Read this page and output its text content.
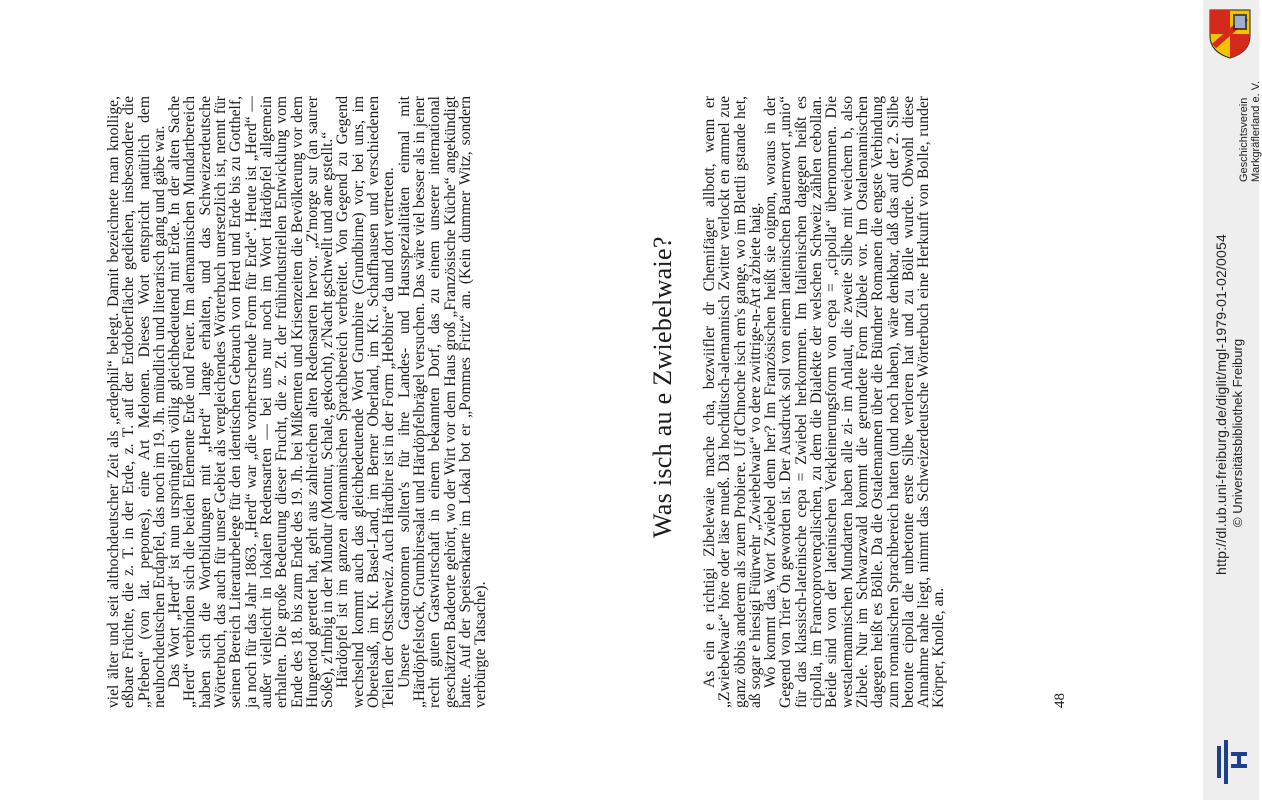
viel älter und seit althochdeutscher Zeit als „erdephil“ belegt. Damit bezeichnete man knollige, eßbare Früchte, die z. T. in der Erde, z. T. auf der Erdoberfläche gediehen, insbesondere die „Pfeben“ (von lat. pepones), eine Art Melonen. Dieses Wort entspricht natürlich dem neuhochdeutschen Erdapfel, das noch im 19. Jh. mündlich und literarisch gang und gäbe war.

Das Wort „Herd“ ist nun ursprünglich völlig gleichbedeutend mit Erde. In der alten Sache „Herd“ verbinden sich die beiden Elemente Erde und Feuer. Im alemannischen Mundartbereich haben sich die Wortbildungen mit „Herd“ lange erhalten, und das Schweizerdeutsche Wörterbuch, das auch für unser Gebiet als vergleichendes Wörterbuch unersetzlich ist, nennt für seinen Bereich Literaturbelege für den identischen Gebrauch von Herd und Erde bis zu Gotthelf, ja noch für das Jahr 1863. „Herd“ war „die vorherrschende Form für Erde“. Heute ist „Herd“ — außer vielleicht in lokalen Redensarten — bei uns nur noch im Wort Härdöpfel allgemein erhalten. Die große Bedeutung dieser Frucht, die z. Zt. der frühindustriellen Entwicklung vom Ende des 18. bis zum Ende des 19. Jh. bei Mißernten und Krisenzeiten die Bevölkerung vor dem Hungertod gerettet hat, geht aus zahlreichen alten Redensarten hervor. „Z'morge sur (an saurer Soße), z'Imbig in der Mundur (Montur, Schale, gekocht), z'Nacht gschwellt und ane gstellt.“

Härdöpfel ist im ganzen alemannischen Sprachbereich verbreitet. Von Gegend zu Gegend wechselnd kommt auch das gleichbedeutende Wort Grumbire (Grundbirne) vor; bei uns, im Oberelsaß, im Kt. Basel-Land, im Berner Oberland, im Kt. Schaffhausen und verschiedenen Teilen der Ostschweiz. Auch Härdbire ist in der Form „Hebbire“ da und dort vertreten.

Unsere Gastronomen sollten's für ihre Landes- und Hausspezialitäten einmal mit „Härdöpfelstock, Grumbiresalat und Härdöpfelbrägel versuchen. Das wäre viel besser als in jener recht guten Gastwirtschaft in einem bekannten Dorf, das zu einem unserer international geschätzten Badeorte gehört, wo der Wirt vor dem Haus groß „Französische Küche“ angekündigt hatte. Auf der Speisenkarte im Lokal bot er „Pommes Fritz“ an. (Kein dummer Witz, sondern verbürgte Tatsache).

Was isch au e Zwiebelwaie? As ein e richtigi Zibelewaie mache cha, bezwiifler dr Chemifäger allbott, wenn er „Zwiebelwaie“ höre oder läse mueß. Dä hochdütsch-alemannisch Zwitter verlockt en ammel zue ganz öbbis anderem als zuem Probiere. Uf d'Chnoche isch em's gange, wo im Blettli gstande het, aß sogar e hiesigi Füürwehr „Zwiebelwaie“ vo dere zwittrige-n-Art a'zbiete haig.

Wo kommt das Wort Zwiebel denn her? Im Französischen heißt sie oignon, woraus in der Gegend von Trier Ön geworden ist. Der Ausdruck soll von einem lateinischen Bauernwort „unio“ für das klassisch-lateinische cepa = Zwiebel herkommen. Im Italienischen dagegen heißt es cipolla, im Francoprovençalischen, zu dem die Dialekte der welschen Schweiz zählen cebollan. Beide sind von der lateinischen Verkleinerungsform von cepa = „cipolla“ übernommen. Die westalemannischen Mundarten haben alle zi- im Anlaut, die zweite Silbe mit weichem b, also Zibele. Nur im Schwarzwald kommt die gerundete Form Zübele vor. Im Ostalemannischen dagegen heißt es Bölle. Da die Ostalemannen über die Bündner Romanen die engste Verbindung zum romanischen Sprachbereich hatten (und noch haben), wäre denkbar, daß das auf der 2. Silbe betonte cipolla die unbetonte erste Silbe verloren hat und zu Bölle wurde. Obwohl diese Annahme nahe liegt, nimmt das Schweizerdeutsche Wörterbuch eine Herkunft von Bolle, runder Körper, Knolle, an.	48
Geschichtsverein Markgräflerland e. V.
http://dl.ub.uni-freiburg.de/diglit/mgl-1979-01-02/0054 © Universitätsbibliothek Freiburg
